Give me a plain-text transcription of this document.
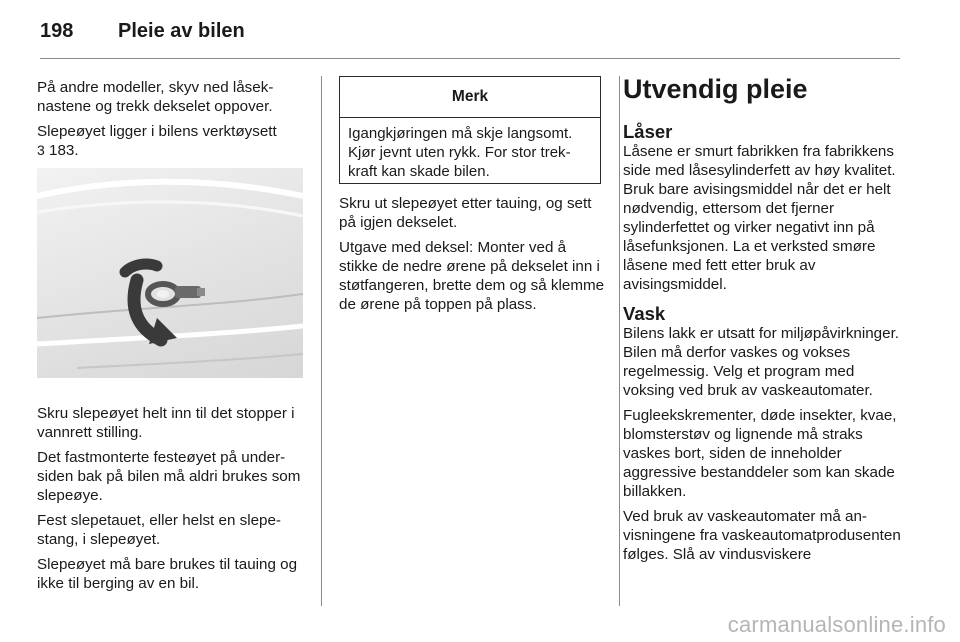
198 Pleie av bilen

På andre modeller, skyv ned låseknastene og trekk dekselet oppover.

Slepeøyet ligger i bilens verktøysett
3 183.

Skru slepeøyet helt inn til det stopper i vannrett stilling.

Det fastmonterte festeøyet på undersiden bak på bilen må aldri brukes som slepeøye.

Fest slepetauet, eller helst en slepestang, i slepeøyet.

Slepeøyet må bare brukes til tauing og ikke til berging av en bil.

Merk
Igangkjøringen må skje langsomt. Kjør jevnt uten rykk. For stor trekkraft kan skade bilen.

Skru ut slepeøyet etter tauing, og sett på igjen dekselet.

Utgave med deksel: Monter ved å stikke de nedre ørene på dekselet inn i støtfangeren, brette dem og så klemme de ørene på toppen på plass.

Utvendig pleie
Låser

Låsene er smurt fabrikken fra fabrikkens side med låsesylinderfett av høy kvalitet. Bruk bare avisingsmiddel når det er helt nødvendig, ettersom det fjerner sylinderfettet og virker negativt inn på låsefunksjonen. La et verksted smøre låsene med fett etter bruk av avisingsmiddel.

Vask

Bilens lakk er utsatt for miljøpåvirkninger. Bilen må derfor vaskes og vokses regelmessig. Velg et program med voksing ved bruk av vaskeautomater.

Fugleekskrementer, døde insekter, kvae, blomsterstøv og lignende må straks vaskes bort, siden de inneholder aggressive bestanddeler som kan skade billakken.

Ved bruk av vaskeautomater må anvisningene fra vaskeautomatprodusenten følges. Slå av vindusviskere

carmanualsonline.info
